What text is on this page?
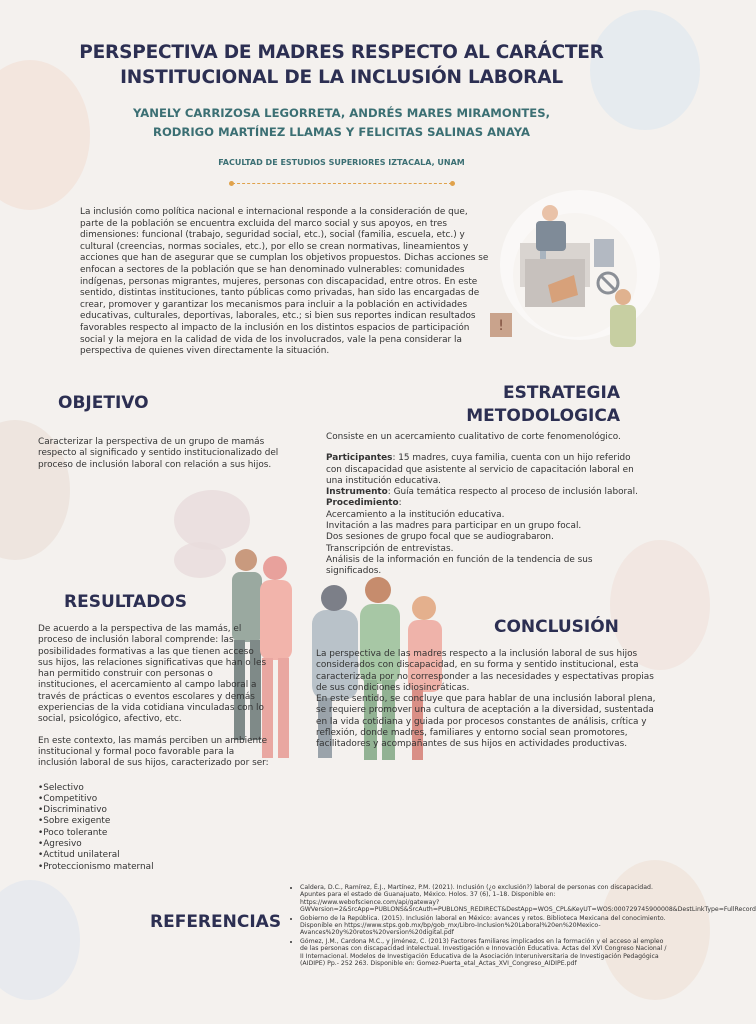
PERSPECTIVA DE MADRES RESPECTO AL CARÁCTER
INSTITUCIONAL DE LA INCLUSIÓN LABORAL
YANELY CARRIZOSA LEGORRETA, ANDRÉS MARES MIRAMONTES,
RODRIGO MARTÍNEZ LLAMAS Y FELICITAS SALINAS ANAYA
FACULTAD DE ESTUDIOS SUPERIORES IZTACALA, UNAM
La inclusión como política nacional e internacional responde a la consideración de que, parte de la población se encuentra excluida del marco social y sus apoyos, en tres dimensiones: funcional (trabajo, seguridad social, etc.), social (familia, escuela, etc.) y cultural (creencias, normas sociales, etc.), por ello se crean normativas, lineamientos y acciones que han de asegurar que se cumplan los objetivos propuestos. Dichas acciones se enfocan a sectores de la población que se han denominado vulnerables: comunidades indígenas, personas migrantes, mujeres, personas con discapacidad, entre otros. En este sentido, distintas instituciones, tanto públicas como privadas, han sido las encargadas de crear, promover y garantizar los mecanismos para incluir a la población en actividades educativas, culturales, deportivas, laborales, etc.; si bien sus reportes indican resultados favorables respecto al impacto de la inclusión en los distintos espacios de participación social y la mejora en la calidad de vida de los involucrados, vale la pena considerar la perspectiva de quienes viven directamente la situación.
!
OBJETIVO
Caracterizar la perspectiva de un grupo de mamás respecto al significado y sentido institucionalizado del proceso de inclusión laboral con relación a sus hijos.
ESTRATEGIA
METODOLOGICA
Consiste en un acercamiento cualitativo de corte fenomenológico.
Participantes: 15 madres, cuya familia, cuenta con un hijo referido con discapacidad que asistente al servicio de capacitación laboral en una institución educativa.
Instrumento: Guía temática respecto al proceso de inclusión laboral.
Procedimiento:
Acercamiento a la institución educativa.
Invitación a las madres para participar en un grupo focal.
Dos sesiones de grupo focal que se audiograbaron.
Transcripción de entrevistas.
Análisis de la información en función de la tendencia de sus significados.
RESULTADOS
De acuerdo a la perspectiva de las mamás, el proceso de inclusión laboral comprende: las posibilidades formativas a las que tienen acceso sus hijos, las relaciones significativas que han o les han permitido construir con personas o instituciones, el acercamiento al campo laboral a través de prácticas o eventos escolares y demás experiencias de la vida cotidiana vinculadas con lo social, psicológico, afectivo, etc.
En este contexto, las mamás perciben un ambiente institucional y formal poco favorable para la inclusión laboral de sus hijos, caracterizado por ser:
•Selectivo
•Competitivo
•Discriminativo
•Sobre exigente
•Poco tolerante
•Agresivo
•Actitud unilateral
•Proteccionismo maternal
CONCLUSIÓN
La perspectiva de las madres respecto a la inclusión laboral de sus hijos considerados con discapacidad, en su forma y sentido institucional, esta caracterizada por no corresponder a las necesidades y espectativas propias de sus condiciones idiosincráticas.
En este sentido, se concluye que para hablar de una inclusión laboral plena, se requiere promover una cultura de aceptación a la diversidad, sustentada en la vida cotidiana y guiada por procesos constantes de análisis, crítica y reflexión, donde madres, familiares y entorno social sean promotores, facilitadores y acompañantes de sus hijos en actividades productivas.
REFERENCIAS
• Caldera, D.C., Ramírez, É.J., Martínez, P.M. (2021). Inclusión (¿o exclusión?) laboral de personas con discapacidad. Apuntes para el estado de Guanajuato, México. Holos. 37 (6), 1–18. Disponible en: https://www.webofscience.com/api/gateway?GWVersion=2&SrcApp=PUBLONS&SrcAuth=PUBLONS_REDIRECT&DestApp=WOS_CPL&KeyUT=WOS:000729745900008&DestLinkType=FullRecord
• Gobierno de la República. (2015). Inclusión laboral en México: avances y retos. Biblioteca Mexicana del conocimiento. Disponible en https://www.stps.gob.mx/bp/gob_mx/Libro-Inclusion%20Laboral%20en%20Mexico-Avances%20y%20retos%20version%20digital.pdf
• Gómez, J.M., Cardona M.C., y Jiménez, C. (2013) Factores familiares implicados en la formación y el acceso al empleo de las personas con discapacidad intelectual. Investigación e Innovación Educativa. Actas del XVI Congreso Nacional / II Internacional. Modelos de Investigación Educativa de la Asociación Interuniversitaria de Investigación Pedagógica (AIDIPE) Pp.- 252 263. Disponible en: Gomez-Puerta_etal_Actas_XVI_Congreso_AIDIPE.pdf
